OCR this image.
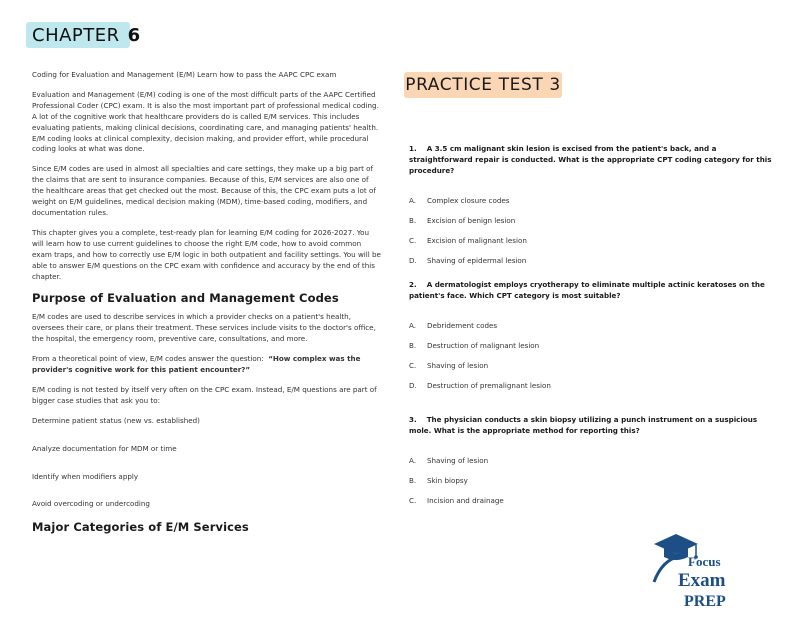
CHAPTER 6

Coding for Evaluation and Management (E/M) Learn how to pass the AAPC CPC exam

Evaluation and Management (E/M) coding is one of the most difficult parts of the AAPC Certified Professional Coder (CPC) exam. It is also the most important part of professional medical coding. A lot of the cognitive work that healthcare providers do is called E/M services. This includes evaluating patients, making clinical decisions, coordinating care, and managing patients' health. E/M coding looks at clinical complexity, decision making, and provider effort, while procedural coding looks at what was done.

Since E/M codes are used in almost all specialties and care settings, they make up a big part of the claims that are sent to insurance companies. Because of this, E/M services are also one of the healthcare areas that get checked out the most. Because of this, the CPC exam puts a lot of weight on E/M guidelines, medical decision making (MDM), time-based coding, modifiers, and documentation rules.

This chapter gives you a complete, test-ready plan for learning E/M coding for 2026-2027. You will learn how to use current guidelines to choose the right E/M code, how to avoid common exam traps, and how to correctly use E/M logic in both outpatient and facility settings. You will be able to answer E/M questions on the CPC exam with confidence and accuracy by the end of this chapter.

Purpose of Evaluation and Management Codes

E/M codes are used to describe services in which a provider checks on a patient's health, oversees their care, or plans their treatment. These services include visits to the doctor's office, the hospital, the emergency room, preventive care, consultations, and more.

From a theoretical point of view, E/M codes answer the question: “How complex was the provider's cognitive work for this patient encounter?”

E/M coding is not tested by itself very often on the CPC exam. Instead, E/M questions are part of bigger case studies that ask you to:

Determine patient status (new vs. established)

Analyze documentation for MDM or time

Identify when modifiers apply

Avoid overcoding or undercoding

Major Categories of E/M Services
PRACTICE TEST 3

1. A 3.5 cm malignant skin lesion is excised from the patient's back, and a straightforward repair is conducted. What is the appropriate CPT coding category for this procedure?

A.	Complex closure codes
B.	Excision of benign lesion
C.	Excision of malignant lesion
D.	Shaving of epidermal lesion

2. A dermatologist employs cryotherapy to eliminate multiple actinic keratoses on the patient's face. Which CPT category is most suitable?

A.	Debridement codes
B.	Destruction of malignant lesion
C.	Shaving of lesion
D.	Destruction of premalignant lesion

3. The physician conducts a skin biopsy utilizing a punch instrument on a suspicious mole. What is the appropriate method for reporting this?

A.	Shaving of lesion
B.	Skin biopsy
C.	Incision and drainage
Focus
Exam
PREP
